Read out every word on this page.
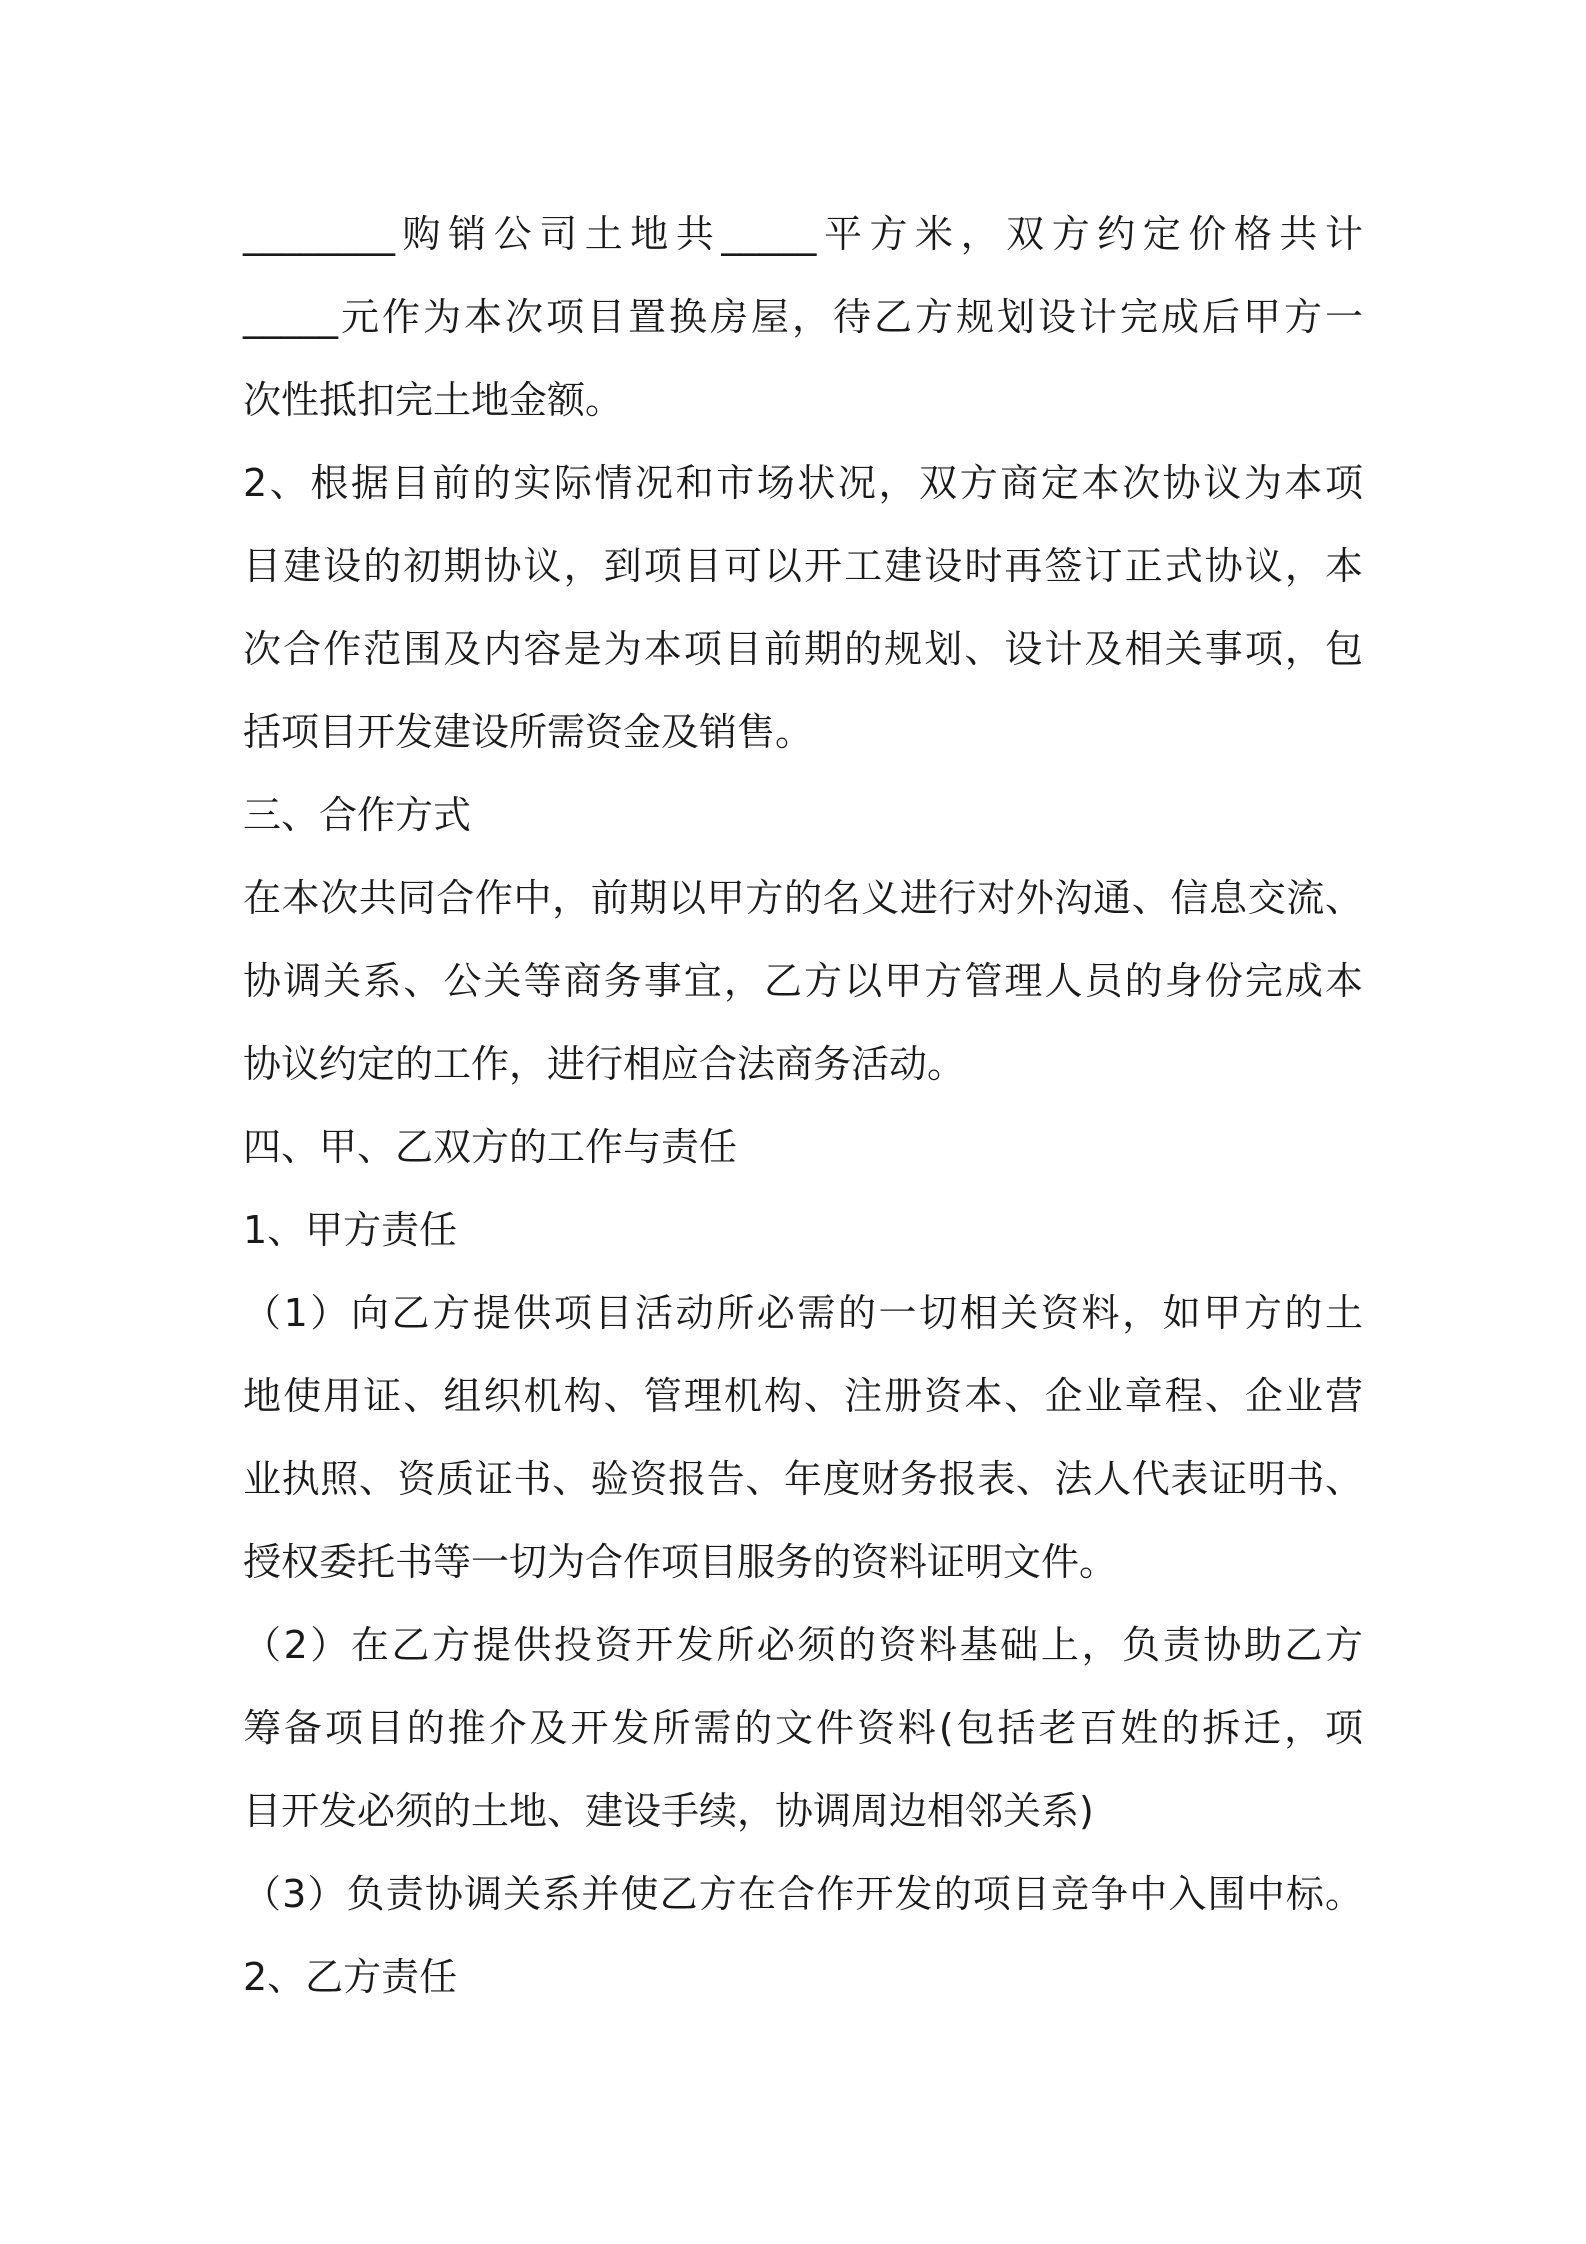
________购销公司土地共_____平方米，双方约定价格共计
_____元作为本次项目置换房屋，待乙方规划设计完成后甲方一
次性抵扣完土地金额。
2、根据目前的实际情况和市场状况，双方商定本次协议为本项
目建设的初期协议，到项目可以开工建设时再签订正式协议，本
次合作范围及内容是为本项目前期的规划、设计及相关事项，包
括项目开发建设所需资金及销售。
三、合作方式
在本次共同合作中，前期以甲方的名义进行对外沟通、信息交流、
协调关系、公关等商务事宜，乙方以甲方管理人员的身份完成本
协议约定的工作，进行相应合法商务活动。
四、甲、乙双方的工作与责任
1、甲方责任
（1）向乙方提供项目活动所必需的一切相关资料，如甲方的土
地使用证、组织机构、管理机构、注册资本、企业章程、企业营
业执照、资质证书、验资报告、年度财务报表、法人代表证明书、
授权委托书等一切为合作项目服务的资料证明文件。
（2）在乙方提供投资开发所必须的资料基础上，负责协助乙方
筹备项目的推介及开发所需的文件资料(包括老百姓的拆迁，项
目开发必须的土地、建设手续，协调周边相邻关系)
（3）负责协调关系并使乙方在合作开发的项目竞争中入围中标。
2、乙方责任
